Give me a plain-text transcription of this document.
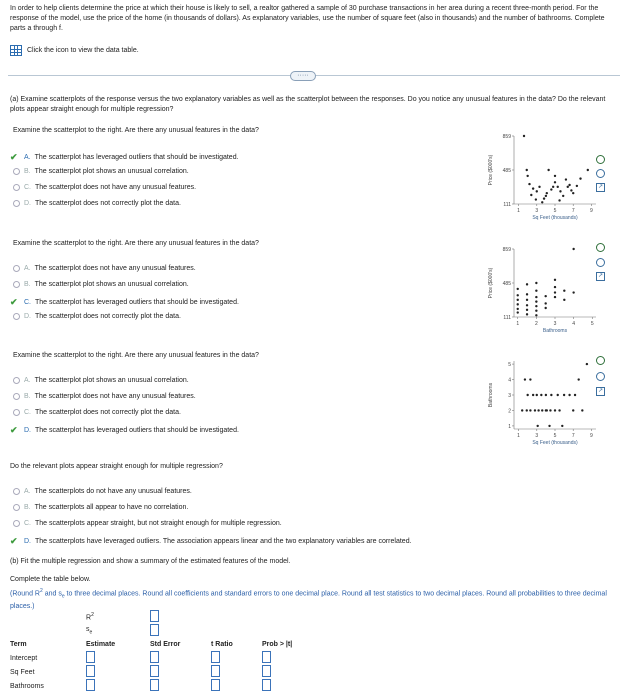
In order to help clients determine the price at which their house is likely to sell, a realtor gathered a sample of 30 purchase transactions in her area during a recent three-month period. For the response of the model, use the price of the home (in thousands of dollars). As explanatory variables, use the number of square feet (also in thousands) and the number of bathrooms. Complete parts a through f.
Click the icon to view the data table.
·····
(a) Examine scatterplots of the response versus the two explanatory variables as well as the scatterplot between the responses. Do you notice any unusual features in the data? Do the relevant plots appear straight enough for multiple regression?
Examine the scatterplot to the right. Are there any unusual features in the data?
✔ A. The scatterplot has leveraged outliers that should be investigated.
B. The scatterplot plot shows an unusual correlation.
C. The scatterplot does not have any unusual features.
D. The scatterplot does not correctly plot the data.
Examine the scatterplot to the right. Are there any unusual features in the data?
A. The scatterplot does not have any unusual features.
B. The scatterplot plot shows an unusual correlation.
✔ C. The scatterplot has leveraged outliers that should be investigated.
D. The scatterplot does not correctly plot the data.
Examine the scatterplot to the right. Are there any unusual features in the data?
A. The scatterplot plot shows an unusual correlation.
B. The scatterplot does not have any unusual features.
C. The scatterplot does not correctly plot the data.
✔ D. The scatterplot has leveraged outliers that should be investigated.
111
485
859
1	3	5	7	9
Sq Feet (thousands)
Price ($000's)
111
485
859
1	2	3	4	5
Bathrooms
Price ($000's)
1
2
3
4
5
1	3	5	7	9
Sq Feet (thousands)
Bathrooms
↗
↗
↗
Do the relevant plots appear straight enough for multiple regression?
A. The scatterplots do not have any unusual features.
B. The scatterplots all appear to have no correlation.
C. The scatterplots appear straight, but not straight enough for multiple regression.
✔ D. The scatterplots have leveraged outliers. The association appears linear and the two explanatory variables are correlated.
(b) Fit the multiple regression and show a summary of the estimated features of the model.
Complete the table below.
(Round $R^2$ and $s_e$ to three decimal places. Round all coefficients and standard errors to one decimal place. Round all test statistics to two decimal places. Round all probabilities to three decimal places.)
$R^2$
$s_e$
Term	Estimate	Std Error	t Ratio	Prob > |t|
Intercept
Sq Feet
Bathrooms
